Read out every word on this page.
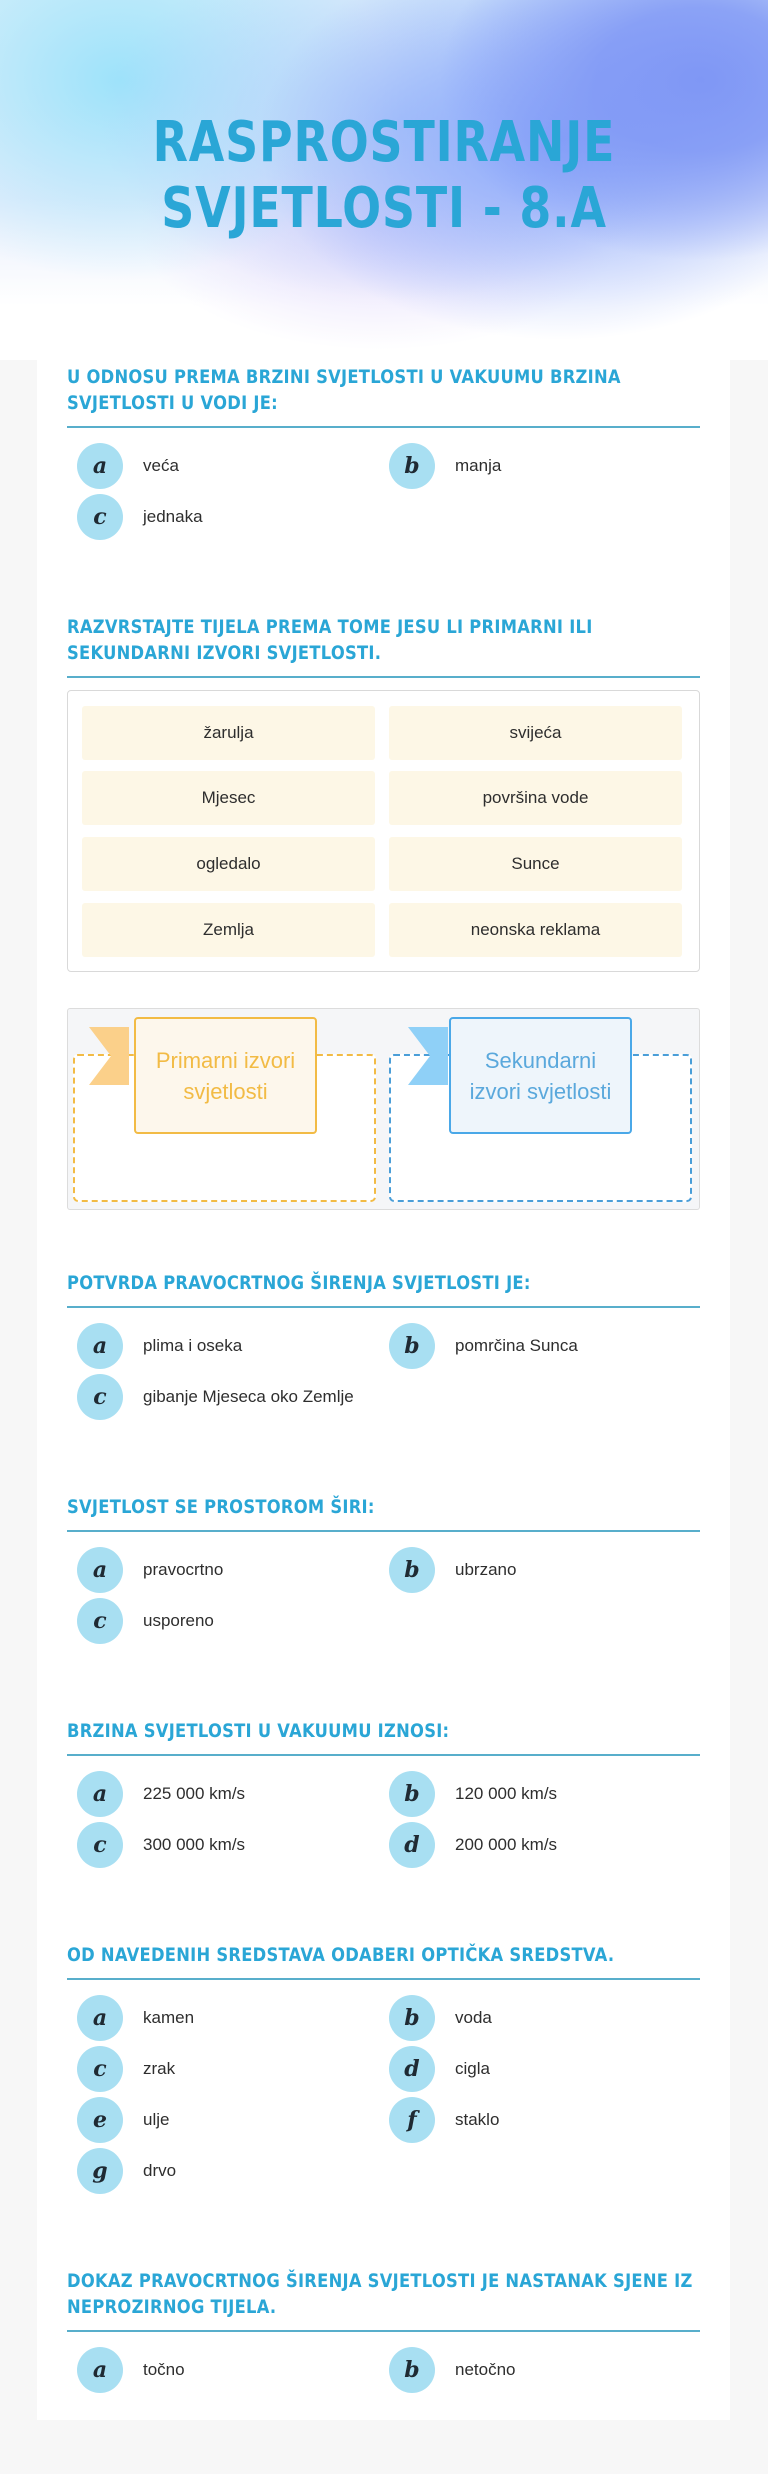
RASPROSTIRANJE
SVJETLOSTI - 8.A
U ODNOSU PREMA BRZINI SVJETLOSTI U VAKUUMU BRZINA SVJETLOSTI U VODI JE:
a	veća	b	manja
c	jednaka
RAZVRSTAJTE TIJELA PREMA TOME JESU LI PRIMARNI ILI SEKUNDARNI IZVORI SVJETLOSTI.
žarulja	svijeća
Mjesec	površina vode
ogledalo	Sunce
Zemlja	neonska reklama
Primarni izvori svjetlosti
Sekundarni izvori svjetlosti
POTVRDA PRAVOCRTNOG ŠIRENJA SVJETLOSTI JE:
a	plima i oseka	b	pomrčina Sunca
c	gibanje Mjeseca oko Zemlje
SVJETLOST SE PROSTOROM ŠIRI:
a	pravocrtno	b	ubrzano
c	usporeno
BRZINA SVJETLOSTI U VAKUUMU IZNOSI:
a	225 000 km/s	b	120 000 km/s
c	300 000 km/s	d	200 000 km/s
OD NAVEDENIH SREDSTAVA ODABERI OPTIČKA SREDSTVA.
a	kamen	b	voda
c	zrak	d	cigla
e	ulje	f	staklo
g	drvo
DOKAZ PRAVOCRTNOG ŠIRENJA SVJETLOSTI JE NASTANAK SJENE IZ NEPROZIRNOG TIJELA.
a	točno	b	netočno
